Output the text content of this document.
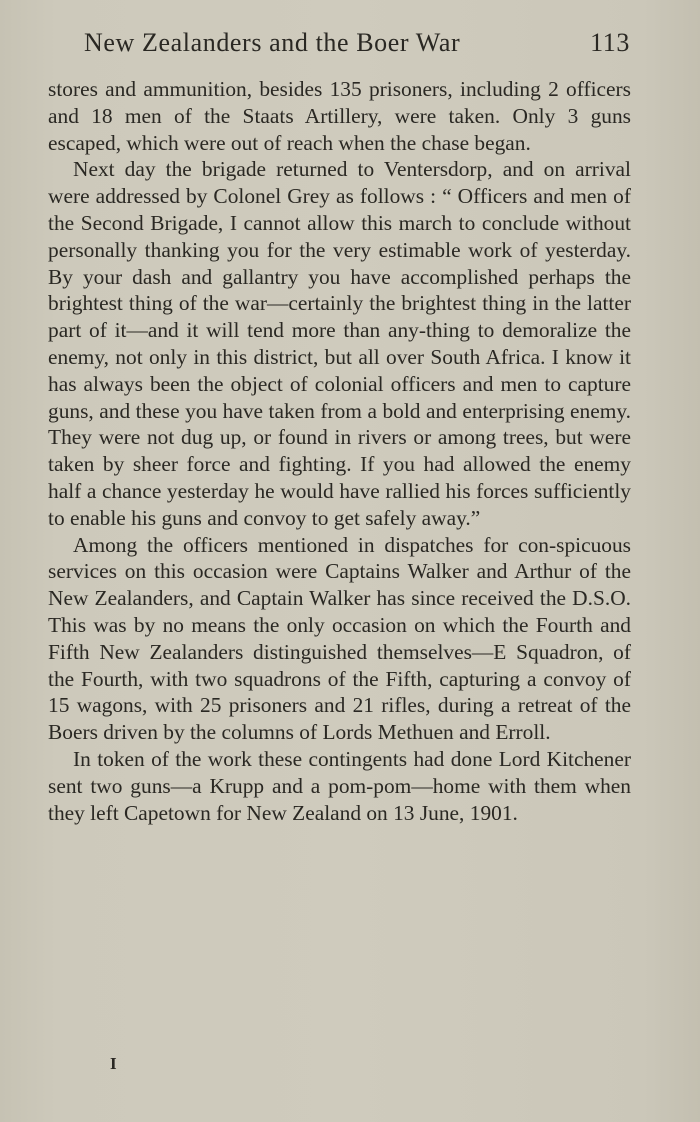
New Zealanders and the Boer War	113

stores and ammunition, besides 135 prisoners, including 2 officers and 18 men of the Staats Artillery, were taken. Only 3 guns escaped, which were out of reach when the chase began.

Next day the brigade returned to Ventersdorp, and on arrival were addressed by Colonel Grey as follows : “ Officers and men of the Second Brigade, I cannot allow this march to conclude without personally thanking you for the very estimable work of yesterday. By your dash and gallantry you have accomplished perhaps the brightest thing of the war—certainly the brightest thing in the latter part of it—and it will tend more than any-thing to demoralize the enemy, not only in this district, but all over South Africa. I know it has always been the object of colonial officers and men to capture guns, and these you have taken from a bold and enterprising enemy. They were not dug up, or found in rivers or among trees, but were taken by sheer force and fighting. If you had allowed the enemy half a chance yesterday he would have rallied his forces sufficiently to enable his guns and convoy to get safely away.”

Among the officers mentioned in dispatches for con-spicuous services on this occasion were Captains Walker and Arthur of the New Zealanders, and Captain Walker has since received the D.S.O. This was by no means the only occasion on which the Fourth and Fifth New Zealanders distinguished themselves—E Squadron, of the Fourth, with two squadrons of the Fifth, capturing a convoy of 15 wagons, with 25 prisoners and 21 rifles, during a retreat of the Boers driven by the columns of Lords Methuen and Erroll.

In token of the work these contingents had done Lord Kitchener sent two guns—a Krupp and a pom-pom—home with them when they left Capetown for New Zealand on 13 June, 1901.

I
